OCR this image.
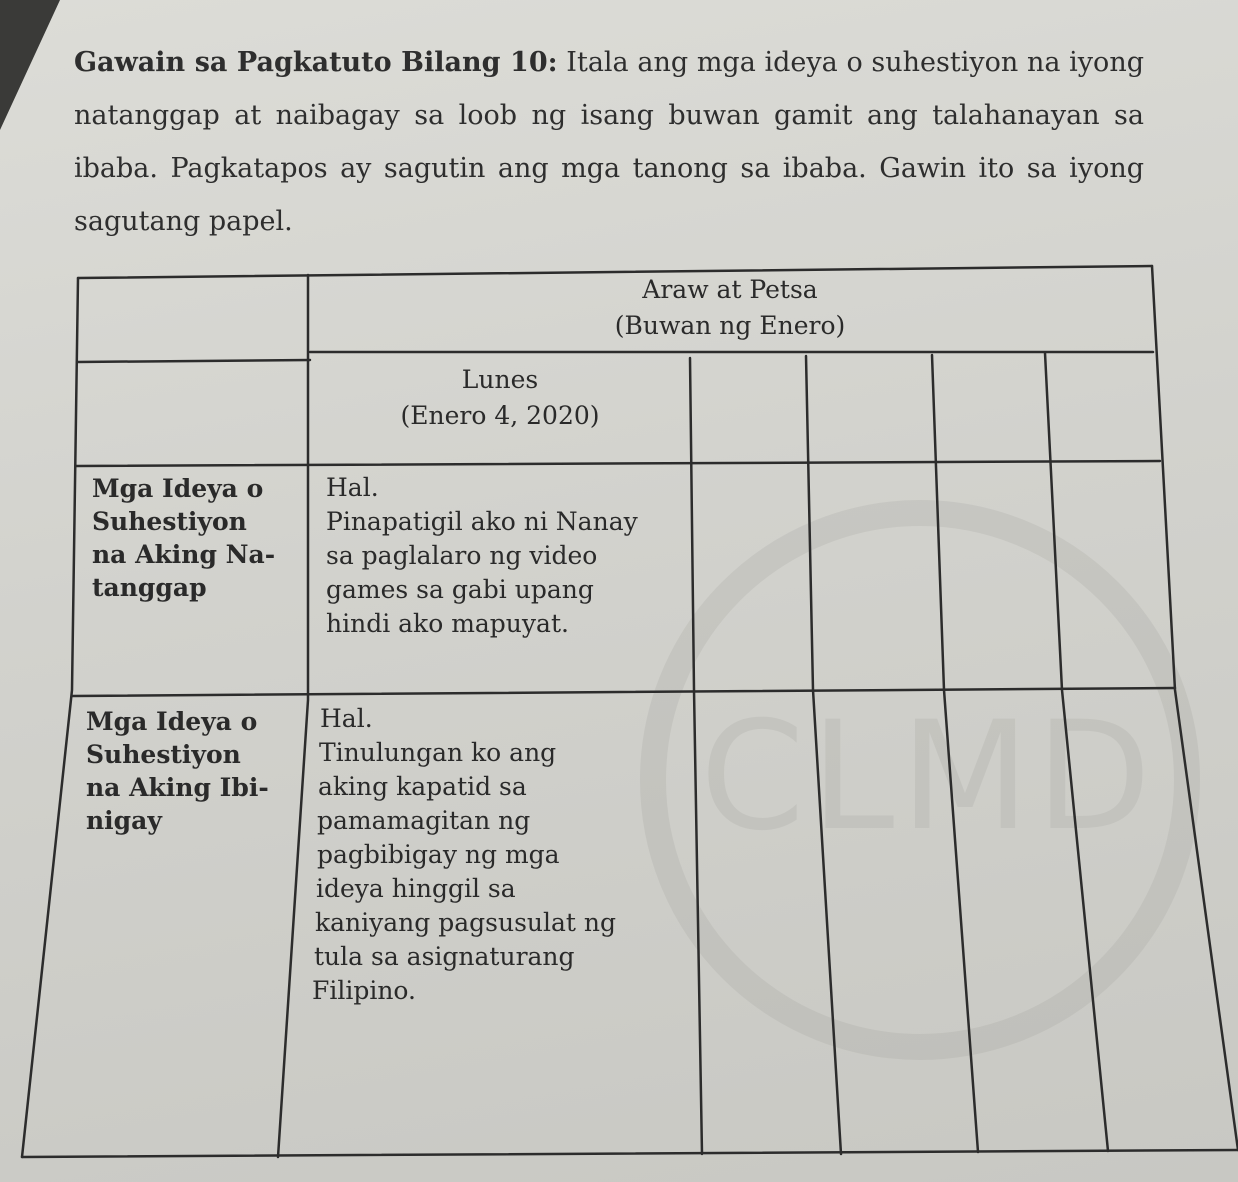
CLMD
Gawain sa Pagkatuto Bilang 10: Itala ang mga ideya o suhestiyon na iyong natanggap at naibagay sa loob ng isang buwan gamit ang talahanayan sa ibaba. Pagkatapos ay sagutin ang mga tanong sa ibaba. Gawin ito sa iyong sagutang papel.
Araw at Petsa
(Buwan ng Enero)
Lunes
(Enero 4, 2020)
Mga Ideya o
Suhestiyon
na Aking Na-
tanggap
Hal.
Pinapatigil ako ni Nanay
sa paglalaro ng video
games sa gabi upang
hindi ako mapuyat.
Mga Ideya o
Suhestiyon
na Aking Ibi-
nigay
Hal.
Tinulungan ko ang
aking kapatid sa
pamamagitan ng
pagbibigay ng mga
ideya hinggil sa
kaniyang pagsusulat ng
tula sa asignaturang
Filipino.
